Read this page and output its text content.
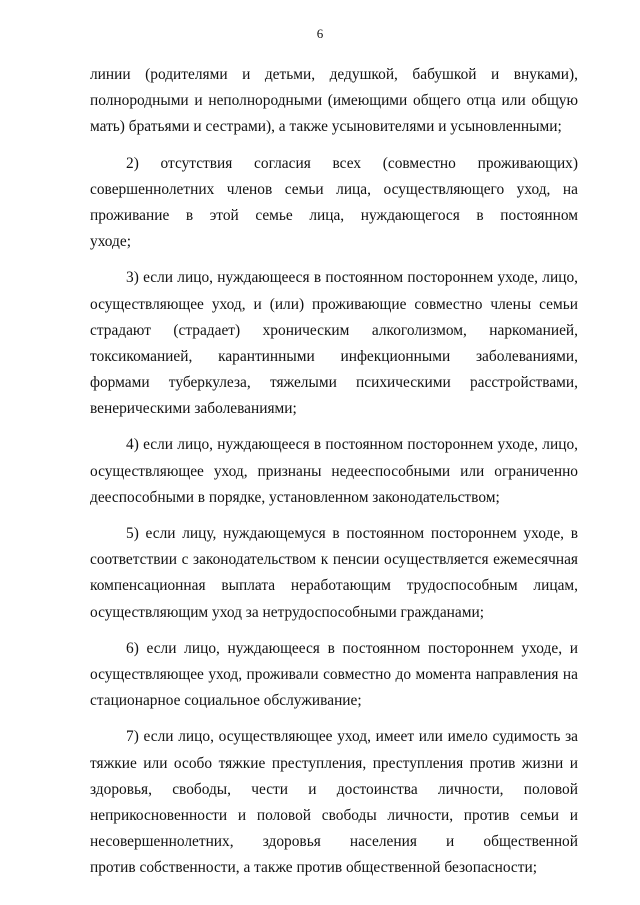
6
линии (родителями и детьми, дедушкой, бабушкой и внуками),
полнородными и неполнородными (имеющими общего отца или общую
мать) братьями и сестрами), а также усыновителями и усыновленными;
2) отсутствия согласия всех (совместно проживающих)
совершеннолетних членов семьи лица, осуществляющего уход, на
проживание в этой семье лица, нуждающегося в постоянном
уходе;
3) если лицо, нуждающееся в постоянном постороннем уходе, лицо,
осуществляющее уход, и (или) проживающие совместно члены семьи
страдают (страдает) хроническим алкоголизмом, наркоманией,
токсикоманией, карантинными инфекционными заболеваниями,
формами туберкулеза, тяжелыми психическими расстройствами,
венерическими заболеваниями;
4) если лицо, нуждающееся в постоянном постороннем уходе, лицо,
осуществляющее уход, признаны недееспособными или ограниченно
дееспособными в порядке, установленном законодательством;
5) если лицу, нуждающемуся в постоянном постороннем уходе, в
соответствии с законодательством к пенсии осуществляется ежемесячная
компенсационная выплата неработающим трудоспособным лицам,
осуществляющим уход за нетрудоспособными гражданами;
6) если лицо, нуждающееся в постоянном постороннем уходе, и
осуществляющее уход, проживали совместно до момента направления на
стационарное социальное обслуживание;
7) если лицо, осуществляющее уход, имеет или имело судимость за
тяжкие или особо тяжкие преступления, преступления против жизни и
здоровья, свободы, чести и достоинства личности, половой
неприкосновенности и половой свободы личности, против семьи и
несовершеннолетних, здоровья населения и общественной
против собственности, а также против общественной безопасности;
